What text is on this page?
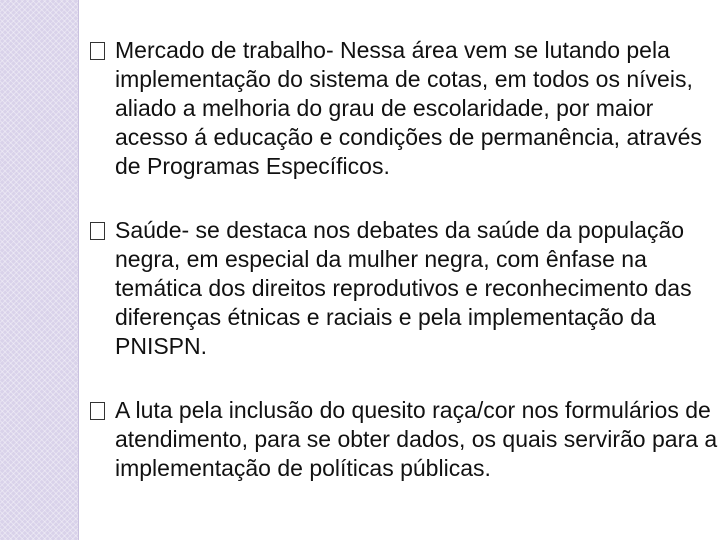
Mercado de trabalho- Nessa área vem se lutando pela implementação do sistema de cotas, em todos os níveis, aliado a melhoria do grau de escolaridade, por maior acesso á educação e condições de permanência, através de Programas Específicos.
Saúde- se destaca nos debates da saúde da população negra, em especial da mulher negra, com ênfase na temática dos direitos reprodutivos e reconhecimento das diferenças étnicas e raciais e pela implementação da PNISPN.
A luta pela inclusão do quesito raça/cor nos formulários de atendimento, para se obter dados, os quais servirão para a implementação de políticas públicas.
